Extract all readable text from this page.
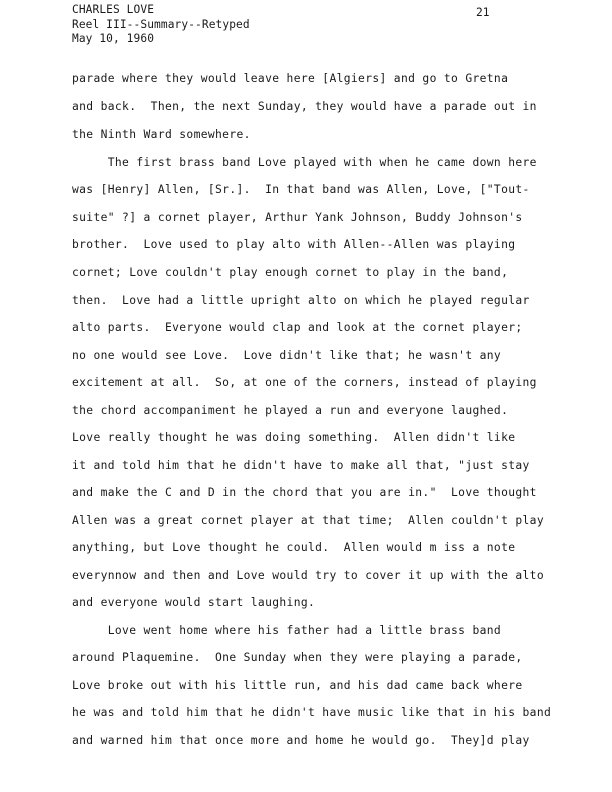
CHARLES LOVE
Reel III--Summary--Retyped
May 10, 1960
21
parade where they would leave here [Algiers] and go to Gretna
and back.  Then, the next Sunday, they would have a parade out in
the Ninth Ward somewhere.
The first brass band Love played with when he came down here
was [Henry] Allen, [Sr.].  In that band was Allen, Love, ["Tout-
suite" ?] a cornet player, Arthur Yank Johnson, Buddy Johnson's
brother.  Love used to play alto with Allen--Allen was playing
cornet; Love couldn't play enough cornet to play in the band,
then.  Love had a little upright alto on which he played regular
alto parts.  Everyone would clap and look at the cornet player;
no one would see Love.  Love didn't like that; he wasn't any
excitement at all.  So, at one of the corners, instead of playing
the chord accompaniment he played a run and everyone laughed.
Love really thought he was doing something.  Allen didn't like
it and told him that he didn't have to make all that, "just stay
and make the C and D in the chord that you are in."  Love thought
Allen was a great cornet player at that time;  Allen couldn't play
anything, but Love thought he could.  Allen would m iss a note
everynnow and then and Love would try to cover it up with the alto
and everyone would start laughing.
Love went home where his father had a little brass band
around Plaquemine.  One Sunday when they were playing a parade,
Love broke out with his little run, and his dad came back where
he was and told him that he didn't have music like that in his band
and warned him that once more and home he would go.  They]d play
